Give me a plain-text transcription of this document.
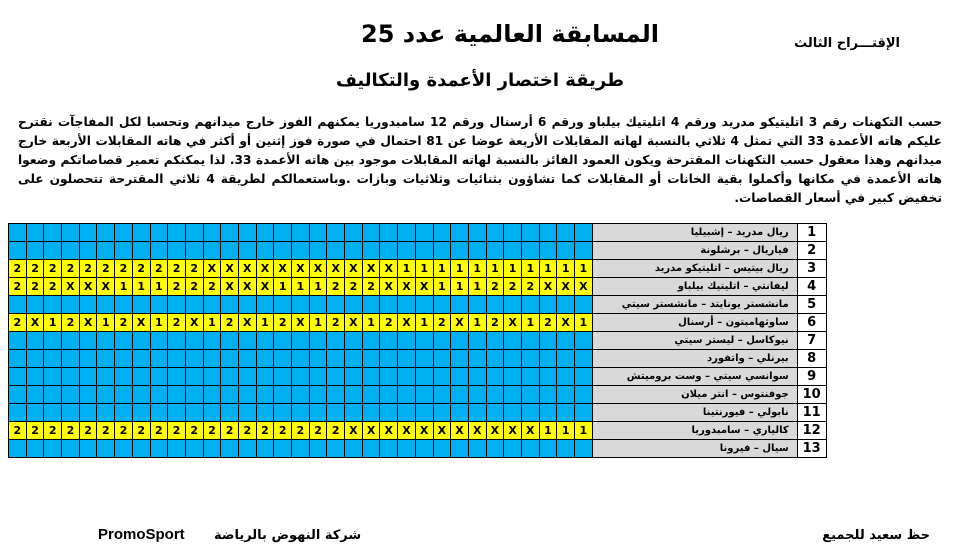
المسابقة العالمية عدد 25	الإقتـــراح الثالث
طريقة اختصار الأعمدة والتكاليف
حسب التكهنات رقم 3 اتليتيكو مدريد ورقم 4 اتليتيك بيلباو ورقم 6 أرسنال ورقم 12 سامبدوريا يمكنهم الفوز خارج ميدانهم وتحسبا لكل المفاجآت نقترح عليكم هاته الأعمدة 33 التي تمثل 4 ثلاثي بالنسبة لهاته المقابلات الأربعة عوضا عن 81 احتمال في صورة فوز إثنين أو أكثر في هاته المقابلات الأربعة خارج ميدانهم وهذا معقول حسب التكهنات المقترحة ويكون العمود الفائز بالنسبة لهاته المقابلات موجود بين هاته الأعمدة 33. لذا يمكنكم تعمير قصاصاتكم وضعوا هاته الأعمدة في مكانها وأكملوا بقية الخانات أو المقابلات كما تشاؤون بثنائيات وثلاثيات وبازات .وباستعمالكم لطريقة 4 ثلاثي المقترحة تتحصلون على تخفيض كبير في أسعار القصاصات.
																																	ريال مدريد – إشبيليا	1
																																	فياريال – برشلونة	2
2	2	2	2	2	2	2	2	2	2	2	X	X	X	X	X	X	X	X	X	X	X	1	1	1	1	1	1	1	1	1	1	1	ريال بيتيس – اتليتيكو مدريد	3
2	2	2	X	X	X	1	1	1	2	2	2	X	X	X	1	1	1	2	2	2	X	X	X	1	1	1	2	2	2	X	X	X	ليفانتي – اتليتيك بيلباو	4
																																	مانشستر يونايتد – مانشستر سيتي	5
2	X	1	2	X	1	2	X	1	2	X	1	2	X	1	2	X	1	2	X	1	2	X	1	2	X	1	2	X	1	2	X	1	ساوثهامبتون – أرسنال	6
																																	نيوكاسل – ليستر سيتي	7
																																	بيرنلي – واتفورد	8
																																	سوانسي سيتي – وست بروميتش	9
																																	جوفنتوس – انتر ميلان	10
																																	نابولي – فيورنتينا	11
2	2	2	2	2	2	2	2	2	2	2	2	2	2	2	2	2	2	2	X	X	X	X	X	X	X	X	X	X	X	1	1	1	كالياري – سامبدوريا	12
																																	سيال – فيرونا	13
حظ سعيد للجميع
شركة النهوض بالرياضة
PromoSport
